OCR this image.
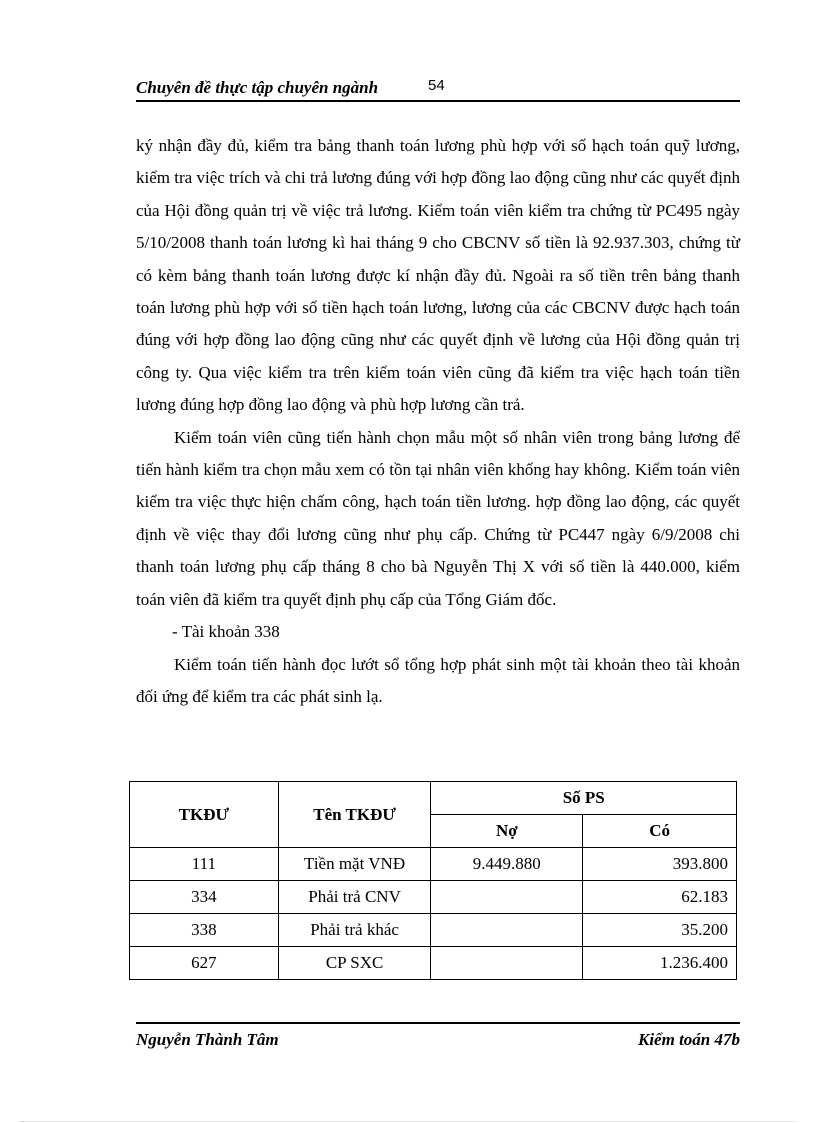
Chuyên đề thực tập chuyên ngành	54

ký nhận đầy đủ, kiểm tra bảng thanh toán lương phù hợp với số hạch toán quỹ lương, kiểm tra việc trích và chi trả lương đúng với hợp đồng lao động cũng như các quyết định của Hội đồng quản trị về việc trả lương. Kiểm toán viên kiểm tra chứng từ PC495 ngày 5/10/2008 thanh toán lương kì hai tháng 9 cho CBCNV số tiền là 92.937.303, chứng từ có kèm bảng thanh toán lương được kí nhận đầy đủ. Ngoài ra số tiền trên bảng thanh toán lương phù hợp với số tiền hạch toán lương, lương của các CBCNV được hạch toán đúng với hợp đồng lao động cũng như các quyết định về lương của Hội đồng quản trị công ty. Qua việc kiểm tra trên kiểm toán viên cũng đã kiểm tra việc hạch toán tiền lương đúng hợp đồng lao động và phù hợp lương cần trả.

Kiểm toán viên cũng tiến hành chọn mẫu một số nhân viên trong bảng lương để tiến hành kiểm tra chọn mẫu xem có tồn tại nhân viên khống hay không. Kiểm toán viên kiểm tra việc thực hiện chấm công, hạch toán tiền lương. hợp đồng lao động, các quyết định về việc thay đổi lương cũng như phụ cấp. Chứng từ PC447 ngày 6/9/2008 chi thanh toán lương phụ cấp tháng 8 cho bà Nguyễn Thị X với số tiền là 440.000, kiểm toán viên đã kiểm tra quyết định phụ cấp của Tổng Giám đốc.

- Tài khoản 338

Kiểm toán tiến hành đọc lướt sổ tổng hợp phát sinh một tài khoản theo tài khoản đối ứng để kiểm tra các phát sinh lạ.

TKĐƯ	Tên TKĐƯ	Số PS	
		Nợ	Có
111	Tiền mặt VNĐ	9.449.880	393.800
334	Phải trả CNV		62.183
338	Phải trả khác		35.200
627	CP SXC		1.236.400
Nguyễn Thành Tâm	Kiểm toán 47b
